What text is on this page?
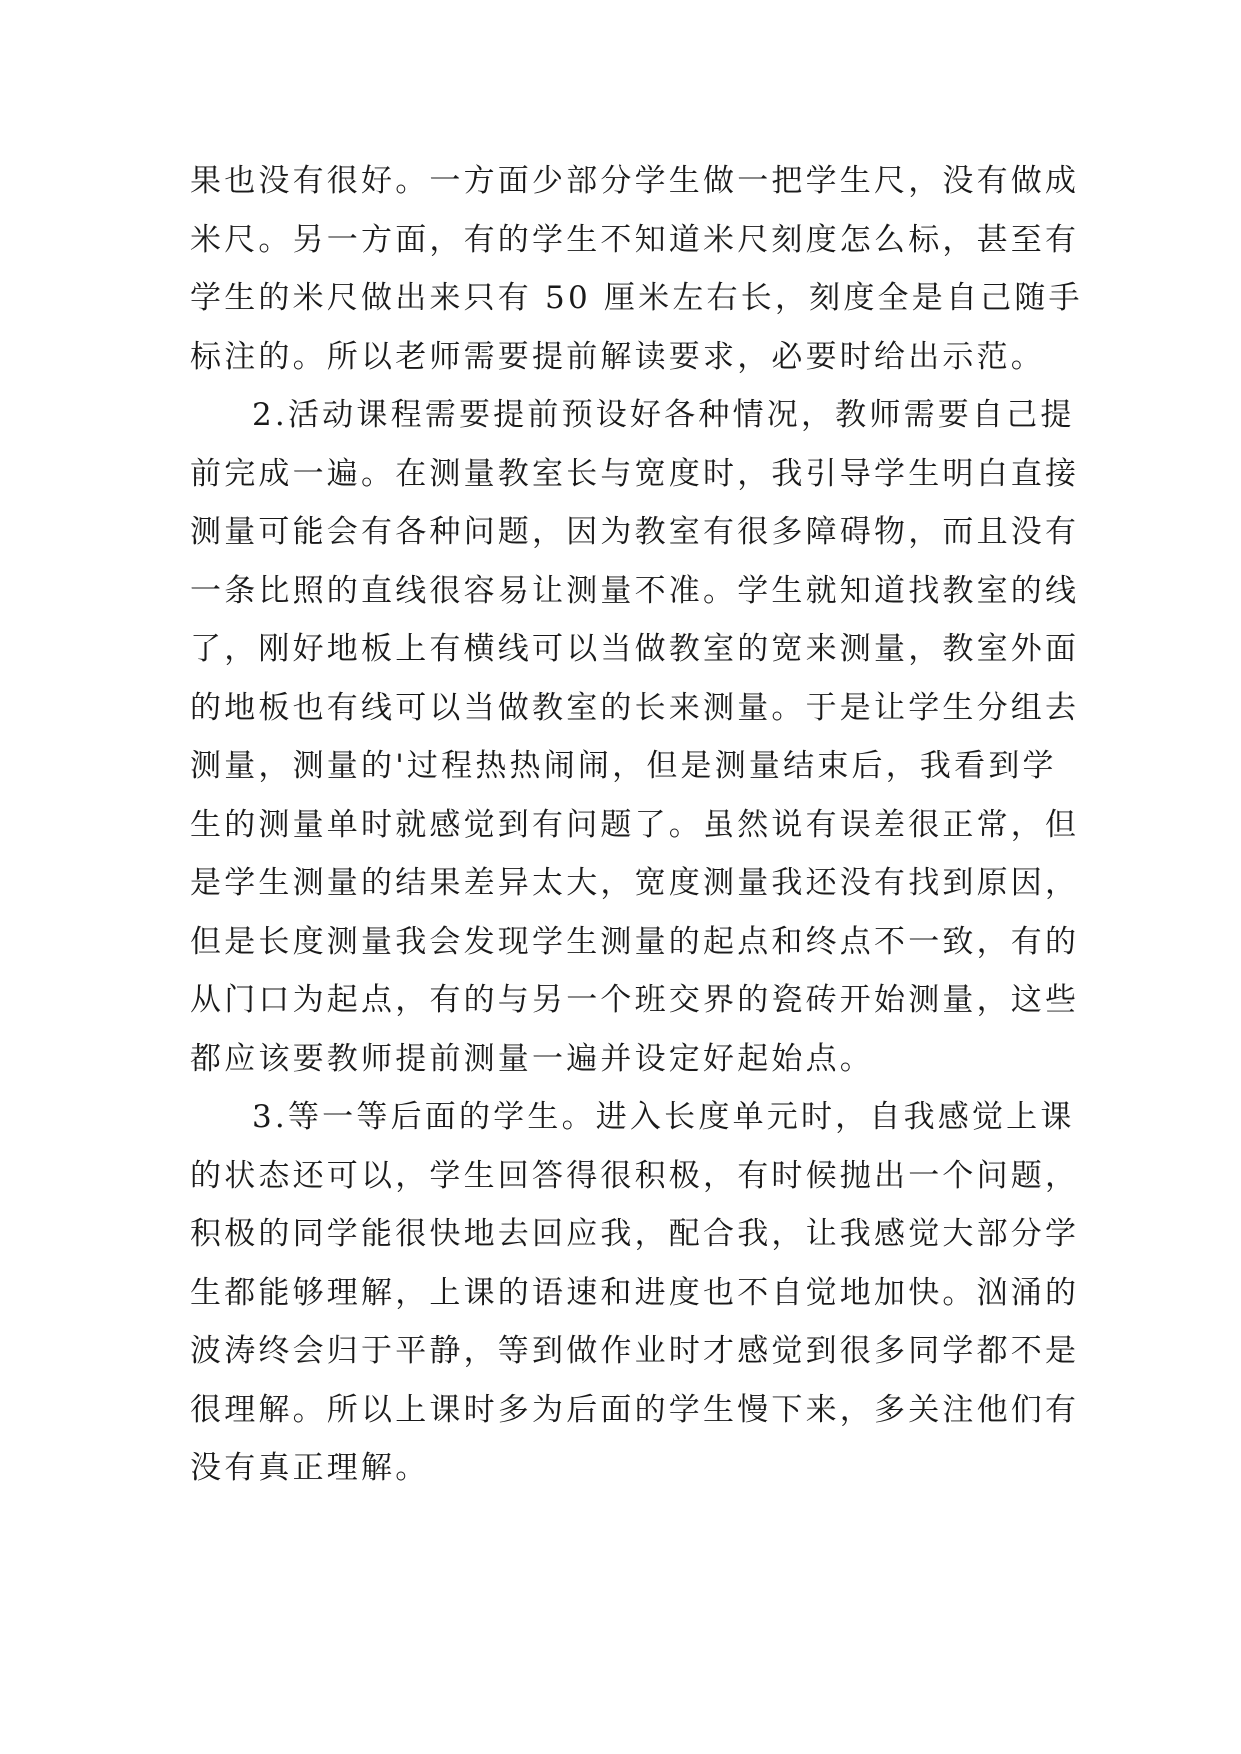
果也没有很好。一方面少部分学生做一把学生尺，没有做成
米尺。另一方面，有的学生不知道米尺刻度怎么标，甚至有
学生的米尺做出来只有 50 厘米左右长，刻度全是自己随手
标注的。所以老师需要提前解读要求，必要时给出示范。
2.活动课程需要提前预设好各种情况，教师需要自己提
前完成一遍。在测量教室长与宽度时，我引导学生明白直接
测量可能会有各种问题，因为教室有很多障碍物，而且没有
一条比照的直线很容易让测量不准。学生就知道找教室的线
了，刚好地板上有横线可以当做教室的宽来测量，教室外面
的地板也有线可以当做教室的长来测量。于是让学生分组去
测量，测量的'过程热热闹闹，但是测量结束后，我看到学
生的测量单时就感觉到有问题了。虽然说有误差很正常，但
是学生测量的结果差异太大，宽度测量我还没有找到原因，
但是长度测量我会发现学生测量的起点和终点不一致，有的
从门口为起点，有的与另一个班交界的瓷砖开始测量，这些
都应该要教师提前测量一遍并设定好起始点。
3.等一等后面的学生。进入长度单元时，自我感觉上课
的状态还可以，学生回答得很积极，有时候抛出一个问题，
积极的同学能很快地去回应我，配合我，让我感觉大部分学
生都能够理解，上课的语速和进度也不自觉地加快。汹涌的
波涛终会归于平静，等到做作业时才感觉到很多同学都不是
很理解。所以上课时多为后面的学生慢下来，多关注他们有
没有真正理解。
